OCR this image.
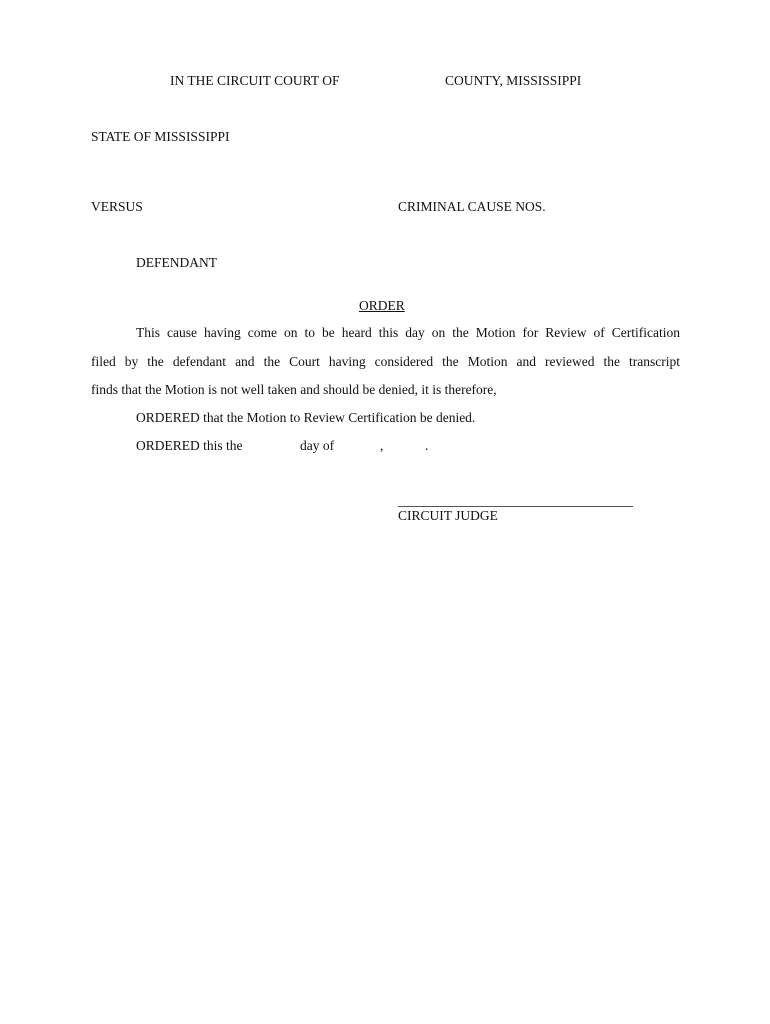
IN THE CIRCUIT COURT OF	COUNTY, MISSISSIPPI
STATE OF MISSISSIPPI
VERSUS	CRIMINAL CAUSE NOS.
DEFENDANT
ORDER
This cause having come on to be heard this day on the Motion for Review of Certification
filed by the defendant and the Court having considered the Motion and reviewed the transcript
finds that the Motion is not well taken and should be denied, it is therefore,
ORDERED that the Motion to Review Certification be denied.
ORDERED this the	day of	,	.
CIRCUIT JUDGE
